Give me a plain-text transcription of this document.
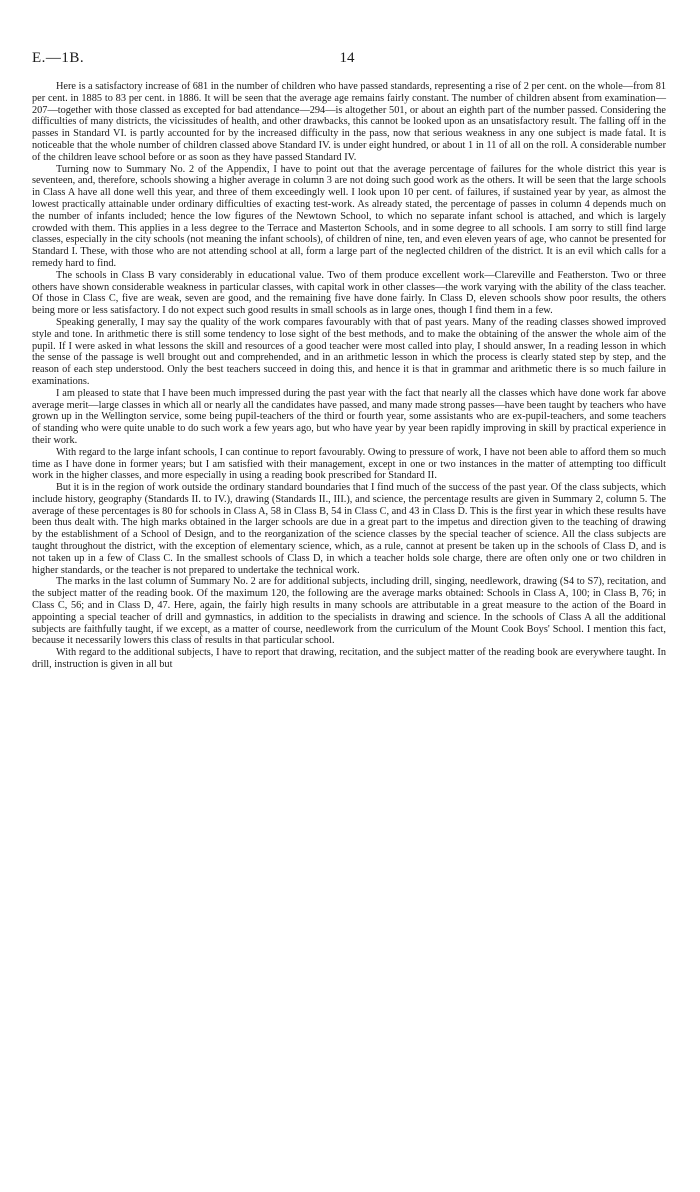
E.—1B.	14

Here is a satisfactory increase of 681 in the number of children who have passed standards, representing a rise of 2 per cent. on the whole—from 81 per cent. in 1885 to 83 per cent. in 1886. It will be seen that the average age remains fairly constant. The number of children absent from examination—207—together with those classed as excepted for bad attendance—294—is altogether 501, or about an eighth part of the number passed. Considering the difficulties of many districts, the vicissitudes of health, and other drawbacks, this cannot be looked upon as an unsatisfactory result. The falling off in the passes in Standard VI. is partly accounted for by the increased difficulty in the pass, now that serious weakness in any one subject is made fatal. It is noticeable that the whole number of children classed above Standard IV. is under eight hundred, or about 1 in 11 of all on the roll. A considerable number of the children leave school before or as soon as they have passed Standard IV.

Turning now to Summary No. 2 of the Appendix, I have to point out that the average percentage of failures for the whole district this year is seventeen, and, therefore, schools showing a higher average in column 3 are not doing such good work as the others. It will be seen that the large schools in Class A have all done well this year, and three of them exceedingly well. I look upon 10 per cent. of failures, if sustained year by year, as almost the lowest practically attainable under ordinary difficulties of exacting test-work. As already stated, the percentage of passes in column 4 depends much on the number of infants included; hence the low figures of the Newtown School, to which no separate infant school is attached, and which is largely crowded with them. This applies in a less degree to the Terrace and Masterton Schools, and in some degree to all schools. I am sorry to still find large classes, especially in the city schools (not meaning the infant schools), of children of nine, ten, and even eleven years of age, who cannot be presented for Standard I. These, with those who are not attending school at all, form a large part of the neglected children of the district. It is an evil which calls for a remedy hard to find.

The schools in Class B vary considerably in educational value. Two of them produce excellent work—Clareville and Featherston. Two or three others have shown considerable weakness in particular classes, with capital work in other classes—the work varying with the ability of the class teacher. Of those in Class C, five are weak, seven are good, and the remaining five have done fairly. In Class D, eleven schools show poor results, the others being more or less satisfactory. I do not expect such good results in small schools as in large ones, though I find them in a few.

Speaking generally, I may say the quality of the work compares favourably with that of past years. Many of the reading classes showed improved style and tone. In arithmetic there is still some tendency to lose sight of the best methods, and to make the obtaining of the answer the whole aim of the pupil. If I were asked in what lessons the skill and resources of a good teacher were most called into play, I should answer, In a reading lesson in which the sense of the passage is well brought out and comprehended, and in an arithmetic lesson in which the process is clearly stated step by step, and the reason of each step understood. Only the best teachers succeed in doing this, and hence it is that in grammar and arithmetic there is so much failure in examinations.

I am pleased to state that I have been much impressed during the past year with the fact that nearly all the classes which have done work far above average merit—large classes in which all or nearly all the candidates have passed, and many made strong passes—have been taught by teachers who have grown up in the Wellington service, some being pupil-teachers of the third or fourth year, some assistants who are ex-pupil-teachers, and some teachers of standing who were quite unable to do such work a few years ago, but who have year by year been rapidly improving in skill by practical experience in their work.

With regard to the large infant schools, I can continue to report favourably. Owing to pressure of work, I have not been able to afford them so much time as I have done in former years; but I am satisfied with their management, except in one or two instances in the matter of attempting too difficult work in the higher classes, and more especially in using a reading book prescribed for Standard II.

But it is in the region of work outside the ordinary standard boundaries that I find much of the success of the past year. Of the class subjects, which include history, geography (Standards II. to IV.), drawing (Standards II., III.), and science, the percentage results are given in Summary 2, column 5. The average of these percentages is 80 for schools in Class A, 58 in Class B, 54 in Class C, and 43 in Class D. This is the first year in which these results have been thus dealt with. The high marks obtained in the larger schools are due in a great part to the impetus and direction given to the teaching of drawing by the establishment of a School of Design, and to the reorganization of the science classes by the special teacher of science. All the class subjects are taught throughout the district, with the exception of elementary science, which, as a rule, cannot at present be taken up in the schools of Class D, and is not taken up in a few of Class C. In the smallest schools of Class D, in which a teacher holds sole charge, there are often only one or two children in higher standards, or the teacher is not prepared to undertake the technical work.

The marks in the last column of Summary No. 2 are for additional subjects, including drill, singing, needlework, drawing (S4 to S7), recitation, and the subject matter of the reading book. Of the maximum 120, the following are the average marks obtained: Schools in Class A, 100; in Class B, 76; in Class C, 56; and in Class D, 47. Here, again, the fairly high results in many schools are attributable in a great measure to the action of the Board in appointing a special teacher of drill and gymnastics, in addition to the specialists in drawing and science. In the schools of Class A all the additional subjects are faithfully taught, if we except, as a matter of course, needlework from the curriculum of the Mount Cook Boys' School. I mention this fact, because it necessarily lowers this class of results in that particular school.

With regard to the additional subjects, I have to report that drawing, recitation, and the subject matter of the reading book are everywhere taught. In drill, instruction is given in all but
